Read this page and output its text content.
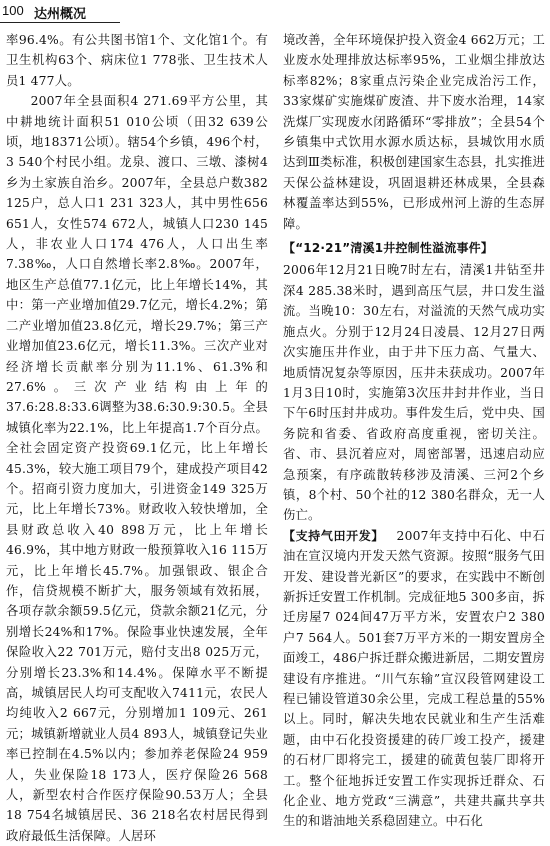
100 达州概况

率96.4%。有公共图书馆1个、文化馆1个。有卫生机构63个、病床位1 778张、卫生技术人员1 477人。

2007年全县面积4 271.69平方公里，其中耕地统计面积51 010公顷（田32 639公顷，地18371公顷）。辖54个乡镇，496个村，3 540个村民小组。龙泉、渡口、三墩、漆树4乡为土家族自治乡。2007年，全县总户数382 125户，总人口1 231 323人，其中男性656 651人，女性574 672人，城镇人口230 145人，非农业人口174 476人，人口出生率7.38‰，人口自然增长率2.8‰。2007年，地区生产总值77.1亿元，比上年增长14%，其中：第一产业增加值29.7亿元，增长4.2%；第二产业增加值23.8亿元，增长29.7%；第三产业增加值23.6亿元，增长11.3%。三次产业对经济增长贡献率分别为11.1%、61.3%和27.6%。三次产业结构由上年的37.6:28.8:33.6调整为38.6:30.9:30.5。全县城镇化率为22.1%，比上年提高1.7个百分点。全社会固定资产投资69.1亿元，比上年增长45.3%，较大施工项目79个，建成投产项目42个。招商引资力度加大，引进资金149 325万元，比上年增长73%。财政收入较快增加，全县财政总收入40 898万元，比上年增长46.9%，其中地方财政一般预算收入16 115万元，比上年增长45.7%。加强银政、银企合作，信贷规模不断扩大，服务领域有效拓展，各项存款余额59.5亿元，贷款余额21亿元，分别增长24%和17%。保险事业快速发展，全年保险收入22 701万元，赔付支出8 025万元，分别增长23.3%和14.4%。保障水平不断提高，城镇居民人均可支配收入7411元，农民人均纯收入2 667元，分别增加1 109元、261元；城镇新增就业人员4 893人，城镇登记失业率已控制在4.5%以内；参加养老保险24 959人，失业保险18 173人，医疗保险26 568人，新型农村合作医疗保险90.53万人；全县18 754名城镇居民、36 218名农村居民得到政府最低生活保障。人居环

境改善，全年环境保护投入资金4 662万元；工业废水处理排放达标率95%，工业烟尘排放达标率82%；8家重点污染企业完成治污工作，33家煤矿实施煤矿废渣、井下废水治理，14家洗煤厂实现废水闭路循环“零排放”；全县54个乡镇集中式饮用水源水质达标，县城饮用水质达到Ⅲ类标准，积极创建国家生态县，扎实推进天保公益林建设，巩固退耕还林成果，全县森林覆盖率达到55%，已形成州河上游的生态屏障。

【“12·21”清溪1井控制性溢流事件】

2006年12月21日晚7时左右，清溪1井钻至井深4 285.38米时，遇到高压气层，井口发生溢流。当晚10：30左右，对溢流的天然气成功实施点火。分别于12月24日凌晨、12月27日两次实施压井作业，由于井下压力高、气量大、地质情况复杂等原因，压井未获成功。2007年1月3日10时，实施第3次压井封井作业，当日下午6时压封井成功。事件发生后，党中央、国务院和省委、省政府高度重视，密切关注。省、市、县沉着应对，周密部署，迅速启动应急预案，有序疏散转移涉及清溪、三河2个乡镇，8个村、50个社的12 380名群众，无一人伤亡。

【支持气田开发】  2007年支持中石化、中石油在宣汉境内开发天然气资源。按照“服务气田开发、建设普光新区”的要求，在实践中不断创新拆迁安置工作机制。完成征地5 300多亩，拆迁房屋7 024间47万平方米，安置农户2 380户7 564人。501套7万平方米的一期安置房全面竣工，486户拆迁群众搬进新居，二期安置房建设有序推进。“川气东输”宣汉段管网建设工程已铺设管道30余公里，完成工程总量的55%以上。同时，解决失地农民就业和生产生活难题，由中石化投资援建的砖厂竣工投产，援建的石材厂即将完工，援建的硫黄包装厂即将开工。整个征地拆迁安置工作实现拆迁群众、石化企业、地方党政“三满意”，共建共赢共享共生的和谐油地关系稳固建立。中石化
